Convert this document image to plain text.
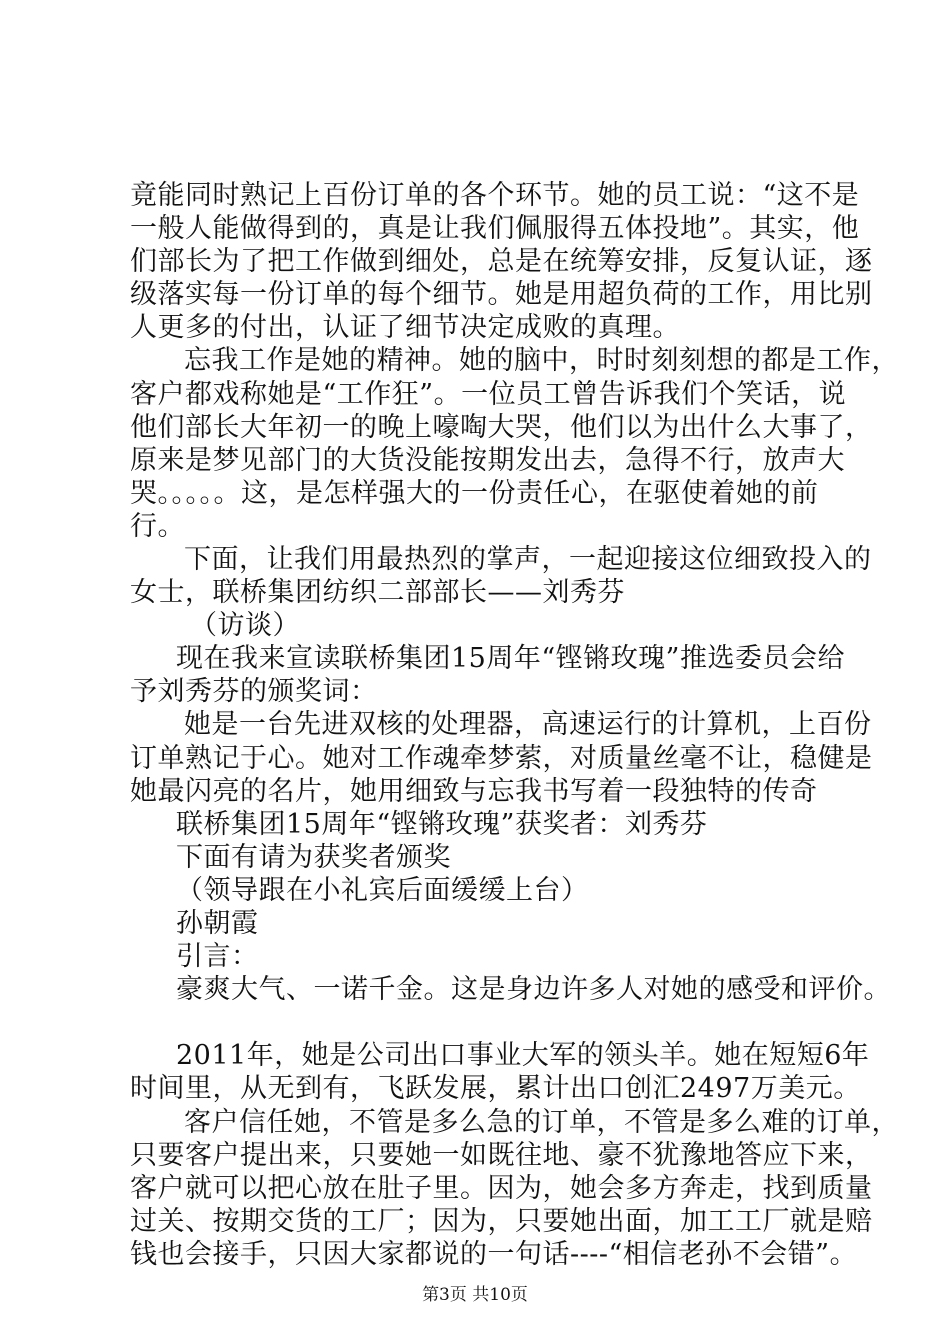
竟能同时熟记上百份订单的各个环节。她的员工说：“这不是
一般人能做得到的，真是让我们佩服得五体投地”。其实，他
们部长为了把工作做到细处，总是在统筹安排，反复认证，逐
级落实每一份订单的每个细节。她是用超负荷的工作，用比别
人更多的付出，认证了细节决定成败的真理。
忘我工作是她的精神。她的脑中，时时刻刻想的都是工作，
客户都戏称她是“工作狂”。一位员工曾告诉我们个笑话，说
他们部长大年初一的晚上嚎啕大哭，他们以为出什么大事了，
原来是梦见部门的大货没能按期发出去，急得不行，放声大
哭。。。。。这，是怎样强大的一份责任心，在驱使着她的前
行。
下面，让我们用最热烈的掌声，一起迎接这位细致投入的
女士，联桥集团纺织二部部长——刘秀芬
（访谈）
现在我来宣读联桥集团15周年“铿锵玫瑰”推选委员会给
予刘秀芬的颁奖词：
她是一台先进双核的处理器，高速运行的计算机，上百份
订单熟记于心。她对工作魂牵梦萦，对质量丝毫不让，稳健是
她最闪亮的名片，她用细致与忘我书写着一段独特的传奇
联桥集团15周年“铿锵玫瑰”获奖者：刘秀芬
下面有请为获奖者颁奖
（领导跟在小礼宾后面缓缓上台）
孙朝霞
引言：
豪爽大气、一诺千金。这是身边许多人对她的感受和评价。
2011年，她是公司出口事业大军的领头羊。她在短短6年
时间里，从无到有，飞跃发展，累计出口创汇2497万美元。
客户信任她，不管是多么急的订单，不管是多么难的订单，
只要客户提出来，只要她一如既往地、豪不犹豫地答应下来，
客户就可以把心放在肚子里。因为，她会多方奔走，找到质量
过关、按期交货的工厂；因为，只要她出面，加工工厂就是赔
钱也会接手，只因大家都说的一句话----“相信老孙不会错”。
第3页 共10页
